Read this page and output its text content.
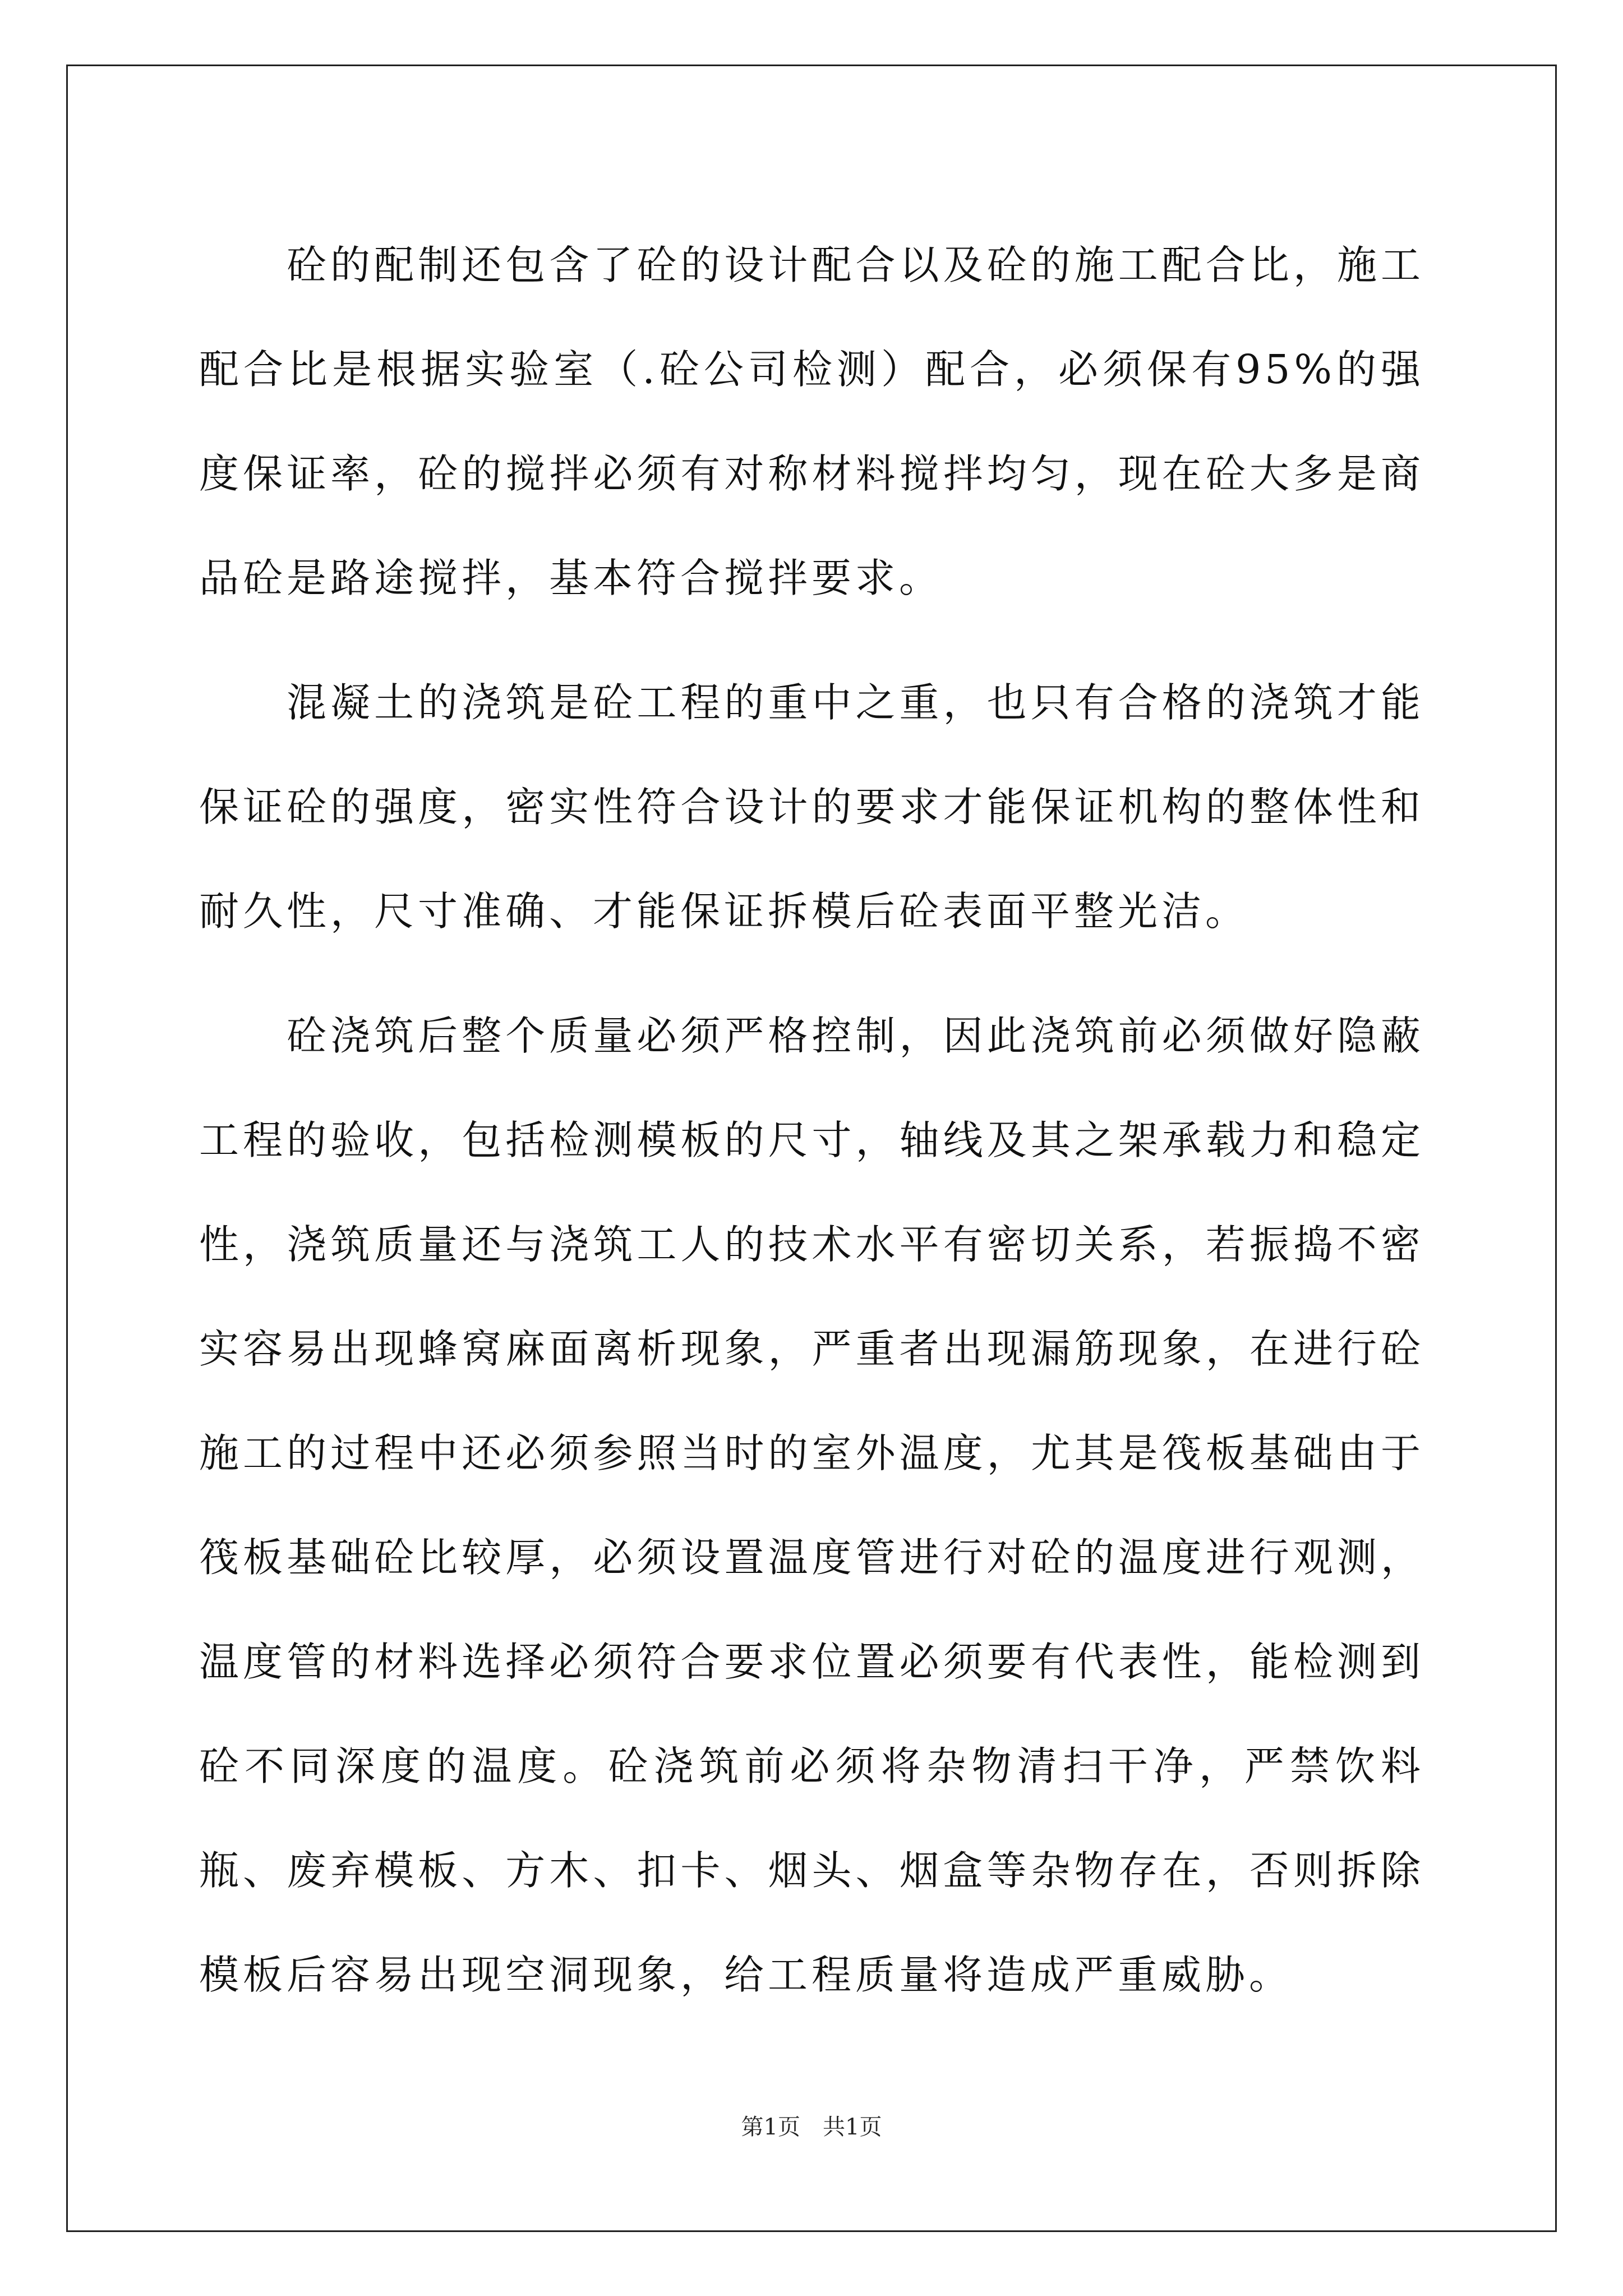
砼的配制还包含了砼的设计配合以及砼的施工配合比，施工配合比是根据实验室（.砼公司检测）配合，必须保有95%的强度保证率，砼的搅拌必须有对称材料搅拌均匀，现在砼大多是商品砼是路途搅拌，基本符合搅拌要求。

混凝土的浇筑是砼工程的重中之重，也只有合格的浇筑才能保证砼的强度，密实性符合设计的要求才能保证机构的整体性和耐久性，尺寸准确、才能保证拆模后砼表面平整光洁。

砼浇筑后整个质量必须严格控制，因此浇筑前必须做好隐蔽工程的验收，包括检测模板的尺寸，轴线及其之架承载力和稳定性，浇筑质量还与浇筑工人的技术水平有密切关系，若振捣不密实容易出现蜂窝麻面离析现象，严重者出现漏筋现象，在进行砼施工的过程中还必须参照当时的室外温度，尤其是筏板基础由于筏板基础砼比较厚，必须设置温度管进行对砼的温度进行观测，温度管的材料选择必须符合要求位置必须要有代表性，能检测到砼不同深度的温度。砼浇筑前必须将杂物清扫干净，严禁饮料瓶、废弃模板、方木、扣卡、烟头、烟盒等杂物存在，否则拆除模板后容易出现空洞现象，给工程质量将造成严重威胁。

第1页　共1页
